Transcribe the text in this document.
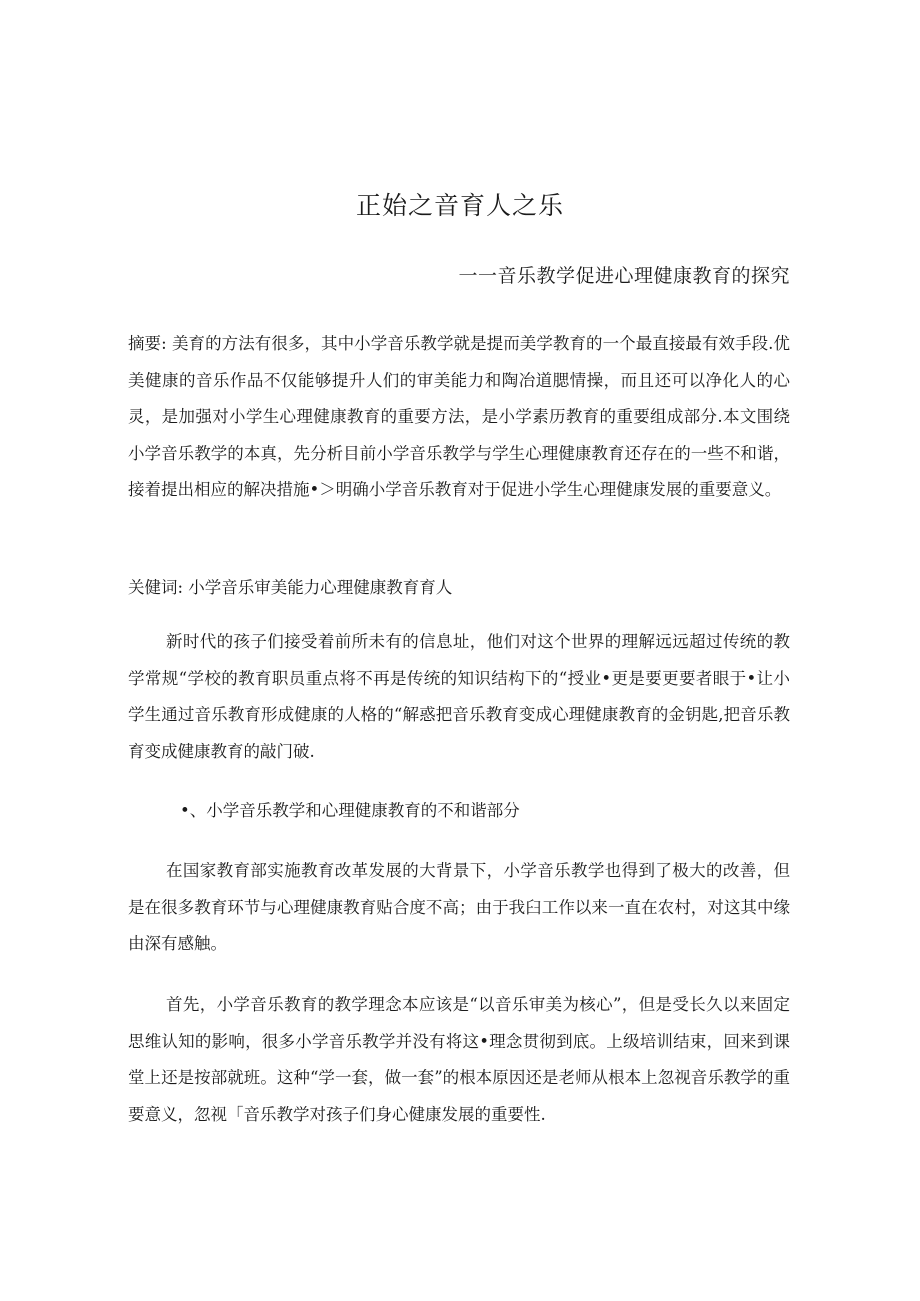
正始之音育人之乐
一一音乐教学促进心理健康教育的探究
摘要: 美育的方法有很多，其中小学音乐教学就是提而美学教育的一个最直接最有效手段.优美健康的音乐作品不仅能够提升人们的审美能力和陶冶道腮情操，而且还可以净化人的心灵，是加强对小学生心理健康教育的重要方法，是小学素历教育的重要组成部分.本文围绕小学音乐教学的本真，先分析目前小学音乐教学与学生心理健康教育还存在的一些不和谐，接着提出相应的解决措施•＞明确小学音乐教育对于促进小学生心理健康发展的重要意义。
关健词: 小学音乐审美能力心理健康教育育人
新时代的孩子们接受着前所未有的信息址，他们对这个世界的理解远远超过传统的教学常规“学校的教育职员重点将不再是传统的知识结构下的“授业•更是要更要者眼于•让小学生通过音乐教育形成健康的人格的“解惑把音乐教育变成心理健康教育的金钥匙,把音乐教育变成健康教育的敲门破.
•、小学音乐教学和心理健康教育的不和谐部分
在国家教育部实施教育改革发展的大背景下，小学音乐教学也得到了极大的改善，但是在很多教育环节与心理健康教育贴合度不高；由于我臼工作以来一直在农村，对这其中缘由深有感触。
首先，小学音乐教育的教学理念本应该是“以音乐审美为核心”，但是受长久以来固定思维认知的影响，很多小学音乐教学并没有将这•理念贯彻到底。上级培训结束，回来到课堂上还是按部就班。这种“学一套，做一套”的根本原因还是老师从根本上忽视音乐教学的重要意义，忽视「音乐教学对孩子们身心健康发展的重要性.
